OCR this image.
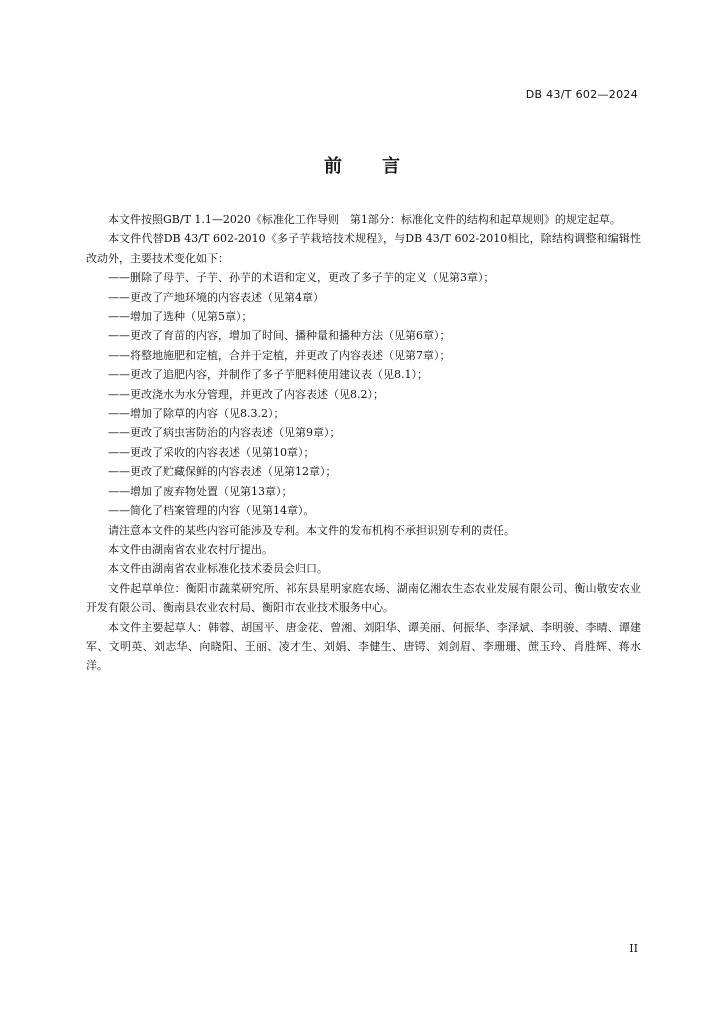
DB 43/T 602—2024
前言

本文件按照GB/T 1.1—2020《标准化工作导则　第1部分：标准化文件的结构和起草规则》的规定起草。

本文件代替DB 43/T 602-2010《多子芋栽培技术规程》，与DB 43/T 602-2010相比，除结构调整和编辑性改动外，主要技术变化如下：

——删除了母芋、子芋、孙芋的术语和定义，更改了多子芋的定义（见第3章）；

——更改了产地环境的内容表述（见第4章）

——增加了选种（见第5章）；

——更改了育苗的内容，增加了时间、播种量和播种方法（见第6章）；

——将整地施肥和定植，合并于定植，并更改了内容表述（见第7章）；

——更改了追肥内容，并制作了多子芋肥料使用建议表（见8.1）；

——更改浇水为水分管理，并更改了内容表述（见8.2）；

——增加了除草的内容（见8.3.2）；

——更改了病虫害防治的内容表述（见第9章）；

——更改了采收的内容表述（见第10章）；

——更改了贮藏保鲜的内容表述（见第12章）；

——增加了废弃物处置（见第13章）；

——简化了档案管理的内容（见第14章）。

请注意本文件的某些内容可能涉及专利。本文件的发布机构不承担识别专利的责任。

本文件由湖南省农业农村厅提出。

本文件由湖南省农业标准化技术委员会归口。

文件起草单位：衡阳市蔬菜研究所、祁东县星明家庭农场、湖南亿湘农生态农业发展有限公司、衡山敬安农业开发有限公司、衡南县农业农村局、衡阳市农业技术服务中心。

本文件主要起草人：韩蓉、胡国平、唐金花、曾湘、刘阳华、谭美丽、何振华、李泽斌、李明骏、李晴、谭建军、文明英、刘志华、向晓阳、王丽、凌才生、刘娟、李健生、唐锷、刘剑眉、李珊珊、蔗玉玲、肖胜辉、蒋水洋。

II
